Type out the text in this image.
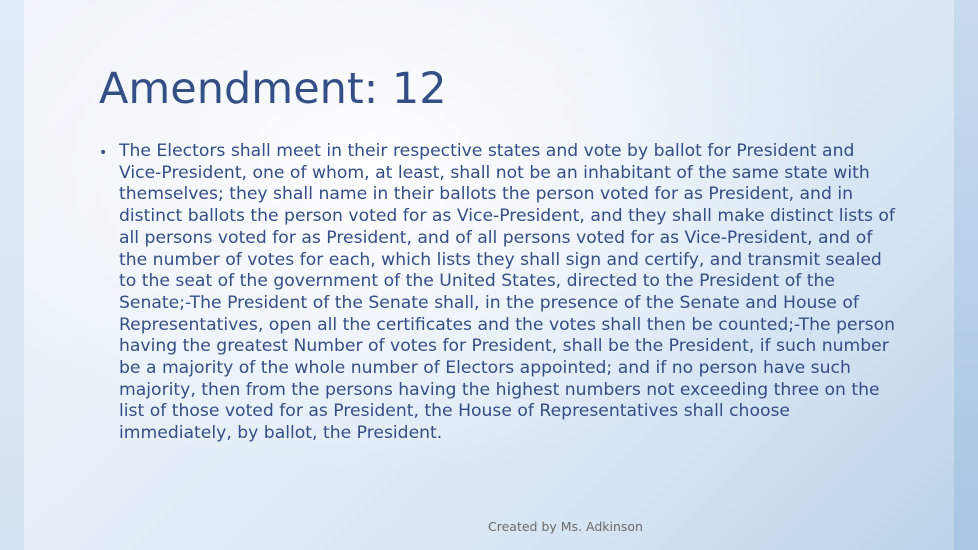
Amendment: 12
• The Electors shall meet in their respective states and vote by ballot for President and Vice-President, one of whom, at least, shall not be an inhabitant of the same state with themselves; they shall name in their ballots the person voted for as President, and in distinct ballots the person voted for as Vice-President, and they shall make distinct lists of all persons voted for as President, and of all persons voted for as Vice-President, and of the number of votes for each, which lists they shall sign and certify, and transmit sealed to the seat of the government of the United States, directed to the President of the Senate;-The President of the Senate shall, in the presence of the Senate and House of Representatives, open all the certificates and the votes shall then be counted;-The person having the greatest Number of votes for President, shall be the President, if such number be a majority of the whole number of Electors appointed; and if no person have such majority, then from the persons having the highest numbers not exceeding three on the list of those voted for as President, the House of Representatives shall choose immediately, by ballot, the President.
Created by Ms. Adkinson
